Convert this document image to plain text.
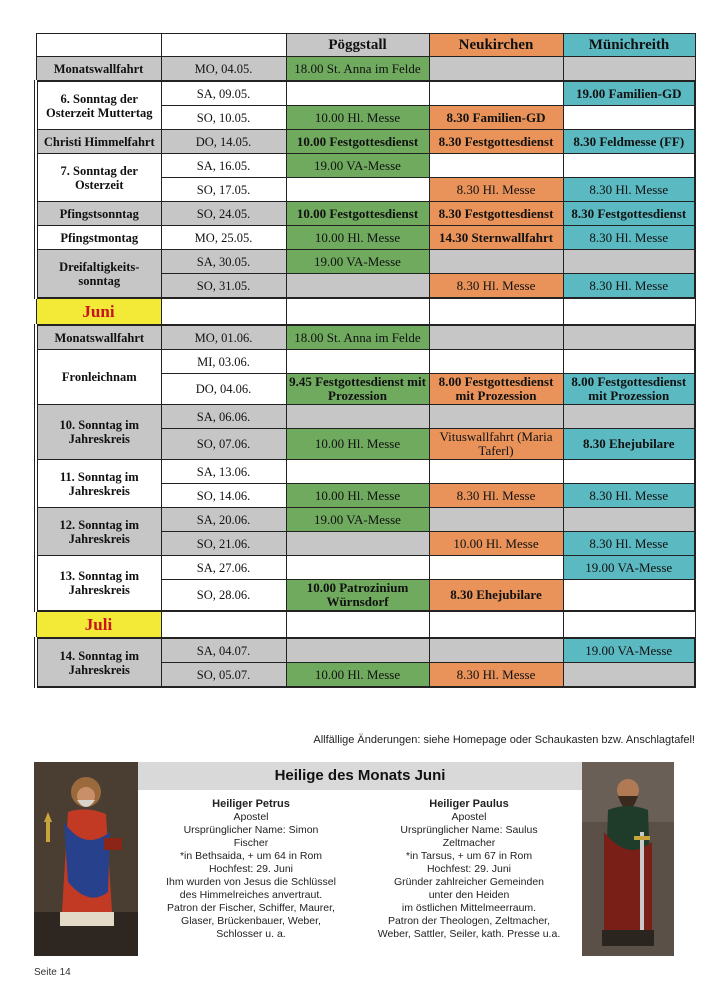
		Pöggstall	Neukirchen	Münichreith
Monatswallfahrt	MO, 04.05.	18.00 St. Anna im Felde		
6. Sonntag der Osterzeit Muttertag	SA, 09.05.			19.00 Familien-GD
	SO, 10.05.	10.00 Hl. Messe	8.30 Familien-GD	
Christi Himmelfahrt	DO, 14.05.	10.00 Festgottesdienst	8.30 Festgottesdienst	8.30 Feldmesse (FF)
7. Sonntag der Osterzeit	SA, 16.05.	19.00 VA-Messe		
	SO, 17.05.		8.30 Hl. Messe	8.30 Hl. Messe
Pfingstsonntag	SO, 24.05.	10.00 Festgottesdienst	8.30 Festgottesdienst	8.30 Festgottesdienst
Pfingstmontag	MO, 25.05.	10.00 Hl. Messe	14.30 Sternwallfahrt	8.30 Hl. Messe
Dreifaltigkeits-sonntag	SA, 30.05.	19.00 VA-Messe		
	SO, 31.05.		8.30 Hl. Messe	8.30 Hl. Messe
Juni				
Monatswallfahrt	MO, 01.06.	18.00 St. Anna im Felde		
Fronleichnam	MI, 03.06.			
	DO, 04.06.	9.45 Festgottesdienst mit Prozession	8.00 Festgottesdienst mit Prozession	8.00 Festgottesdienst mit Prozession
10. Sonntag im Jahreskreis	SA, 06.06.			
	SO, 07.06.	10.00 Hl. Messe	Vituswallfahrt (Maria Taferl)	8.30 Ehejubilare
11. Sonntag im Jahreskreis	SA, 13.06.			
	SO, 14.06.	10.00 Hl. Messe	8.30 Hl. Messe	8.30 Hl. Messe
12. Sonntag im Jahreskreis	SA, 20.06.	19.00 VA-Messe		
	SO, 21.06.		10.00 Hl. Messe	8.30 Hl. Messe
13. Sonntag im Jahreskreis	SA, 27.06.			19.00 VA-Messe
	SO, 28.06.	10.00 Patrozinium Würnsdorf	8.30 Ehejubilare	
Juli				
14. Sonntag im Jahreskreis	SA, 04.07.			19.00 VA-Messe
	SO, 05.07.	10.00 Hl. Messe	8.30 Hl. Messe	
Allfällige Änderungen: siehe Homepage oder Schaukasten bzw. Anschlagtafel!
Heilige des Monats Juni
Heiliger Petrus
Apostel
Ursprünglicher Name: Simon
Fischer
*in Bethsaida, + um 64 in Rom
Hochfest: 29. Juni
Ihm wurden von Jesus die Schlüssel
des Himmelreiches anvertraut.
Patron der Fischer, Schiffer, Maurer,
Glaser, Brückenbauer, Weber,
Schlosser u. a.
Heiliger Paulus
Apostel
Ursprünglicher Name: Saulus
Zeltmacher
*in Tarsus, + um 67 in Rom
Hochfest: 29. Juni
Gründer zahlreicher Gemeinden
unter den Heiden
im östlichen Mittelmeerraum.
Patron der Theologen, Zeltmacher,
Weber, Sattler, Seiler, kath. Presse u.a.
Seite 14
